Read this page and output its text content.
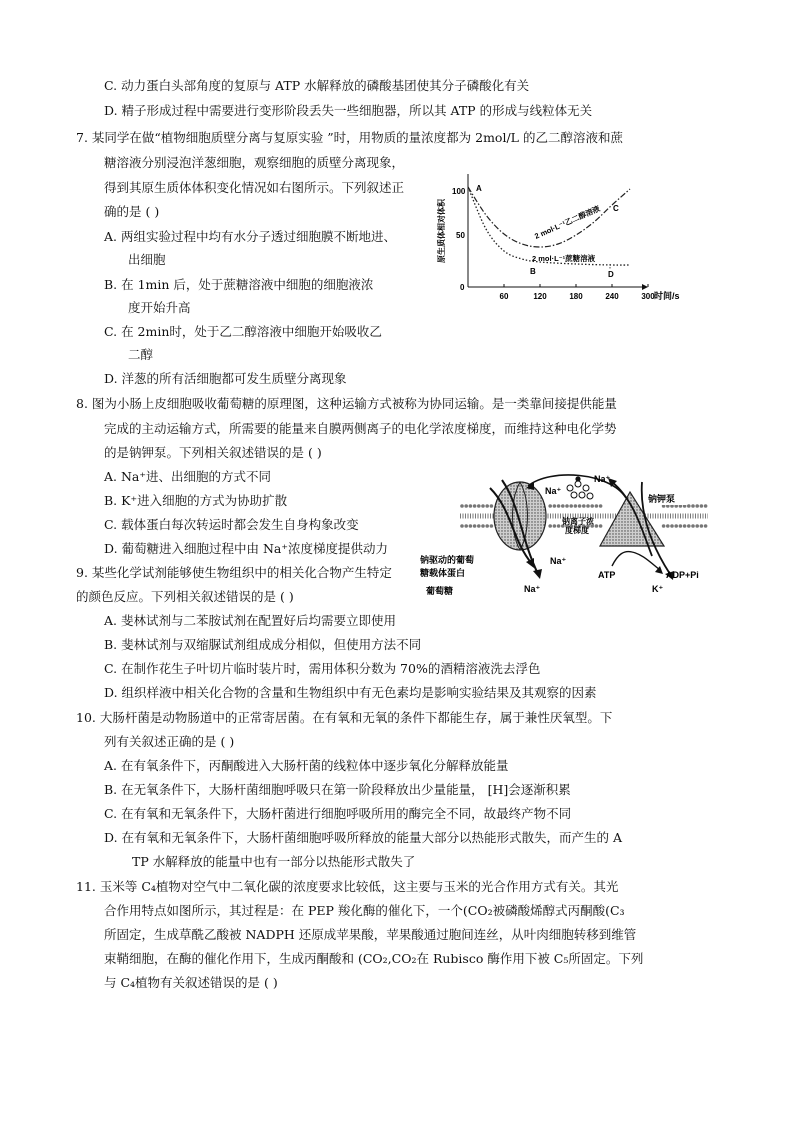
C. 动力蛋白头部角度的复原与 ATP 水解释放的磷酸基团使其分子磷酸化有关
D. 精子形成过程中需要进行变形阶段丢失一些细胞器，所以其 ATP 的形成与线粒体无关
7. 某同学在做“植物细胞质壁分离与复原实验 ”时，用物质的量浓度都为 2mol/L 的乙二醇溶液和蔗
糖溶液分别浸泡洋葱细胞，观察细胞的质壁分离现象，
得到其原生质体体积变化情况如右图所示。下列叙述正
确的是 ( )
A. 两组实验过程中均有水分子透过细胞膜不断地进、
出细胞
B. 在 1min 后，处于蔗糖溶液中细胞的细胞液浓
度开始升高
C. 在 2min时，处于乙二醇溶液中细胞开始吸收乙
二醇
D. 洋葱的所有活细胞都可发生质壁分离现象
原生质体相对体积
100
50
0
60	120	180	240	300 时间/s
A
B
C
D
2 mol·L⁻¹乙二醇溶液
2 mol·L⁻¹蔗糖溶液
8. 图为小肠上皮细胞吸收葡萄糖的原理图，这种运输方式被称为协同运输。是一类靠间接提供能量
完成的主动运输方式，所需要的能量来自膜两侧离子的电化学浓度梯度，而维持这种电化学势
的是钠钾泵。下列相关叙述错误的是 ( )
A. Na⁺进、出细胞的方式不同
B. K⁺进入细胞的方式为协助扩散
C. 载体蛋白每次转运时都会发生自身构象改变
D. 葡萄糖进入细胞过程中由 Na⁺浓度梯度提供动力
Na⁺
Na⁺
钠钾泵
钠离子浓
度梯度
钠驱动的葡萄
糖载体蛋白
葡萄糖
Na⁺
Na⁺
ATP	ADP+Pi
K⁺
9. 某些化学试剂能够使生物组织中的相关化合物产生特定
的颜色反应。下列相关叙述错误的是 ( )
A. 斐林试剂与二苯胺试剂在配置好后均需要立即使用
B. 斐林试剂与双缩脲试剂组成成分相似，但使用方法不同
C. 在制作花生子叶切片临时装片时，需用体积分数为 70%的酒精溶液洗去浮色
D. 组织样液中相关化合物的含量和生物组织中有无色素均是影响实验结果及其观察的因素
10. 大肠杆菌是动物肠道中的正常寄居菌。在有氧和无氧的条件下都能生存，属于兼性厌氧型。下
列有关叙述正确的是 ( )
A. 在有氧条件下，丙酮酸进入大肠杆菌的线粒体中逐步氧化分解释放能量
B. 在无氧条件下，大肠杆菌细胞呼吸只在第一阶段释放出少量能量， [H]会逐渐积累
C. 在有氧和无氧条件下，大肠杆菌进行细胞呼吸所用的酶完全不同，故最终产物不同
D. 在有氧和无氧条件下，大肠杆菌细胞呼吸所释放的能量大部分以热能形式散失，而产生的 A
TP 水解释放的能量中也有一部分以热能形式散失了
11. 玉米等 C₄植物对空气中二氧化碳的浓度要求比较低，这主要与玉米的光合作用方式有关。其光
合作用特点如图所示，其过程是：在 PEP 羧化酶的催化下，一个(CO₂被磷酸烯醇式丙酮酸(C₃
所固定，生成草酰乙酸被 NADPH 还原成苹果酸，苹果酸通过胞间连丝，从叶肉细胞转移到维管
束鞘细胞，在酶的催化作用下，生成丙酮酸和 (CO₂,CO₂在 Rubisco 酶作用下被 C₅所固定。下列
与 C₄植物有关叙述错误的是 ( )
